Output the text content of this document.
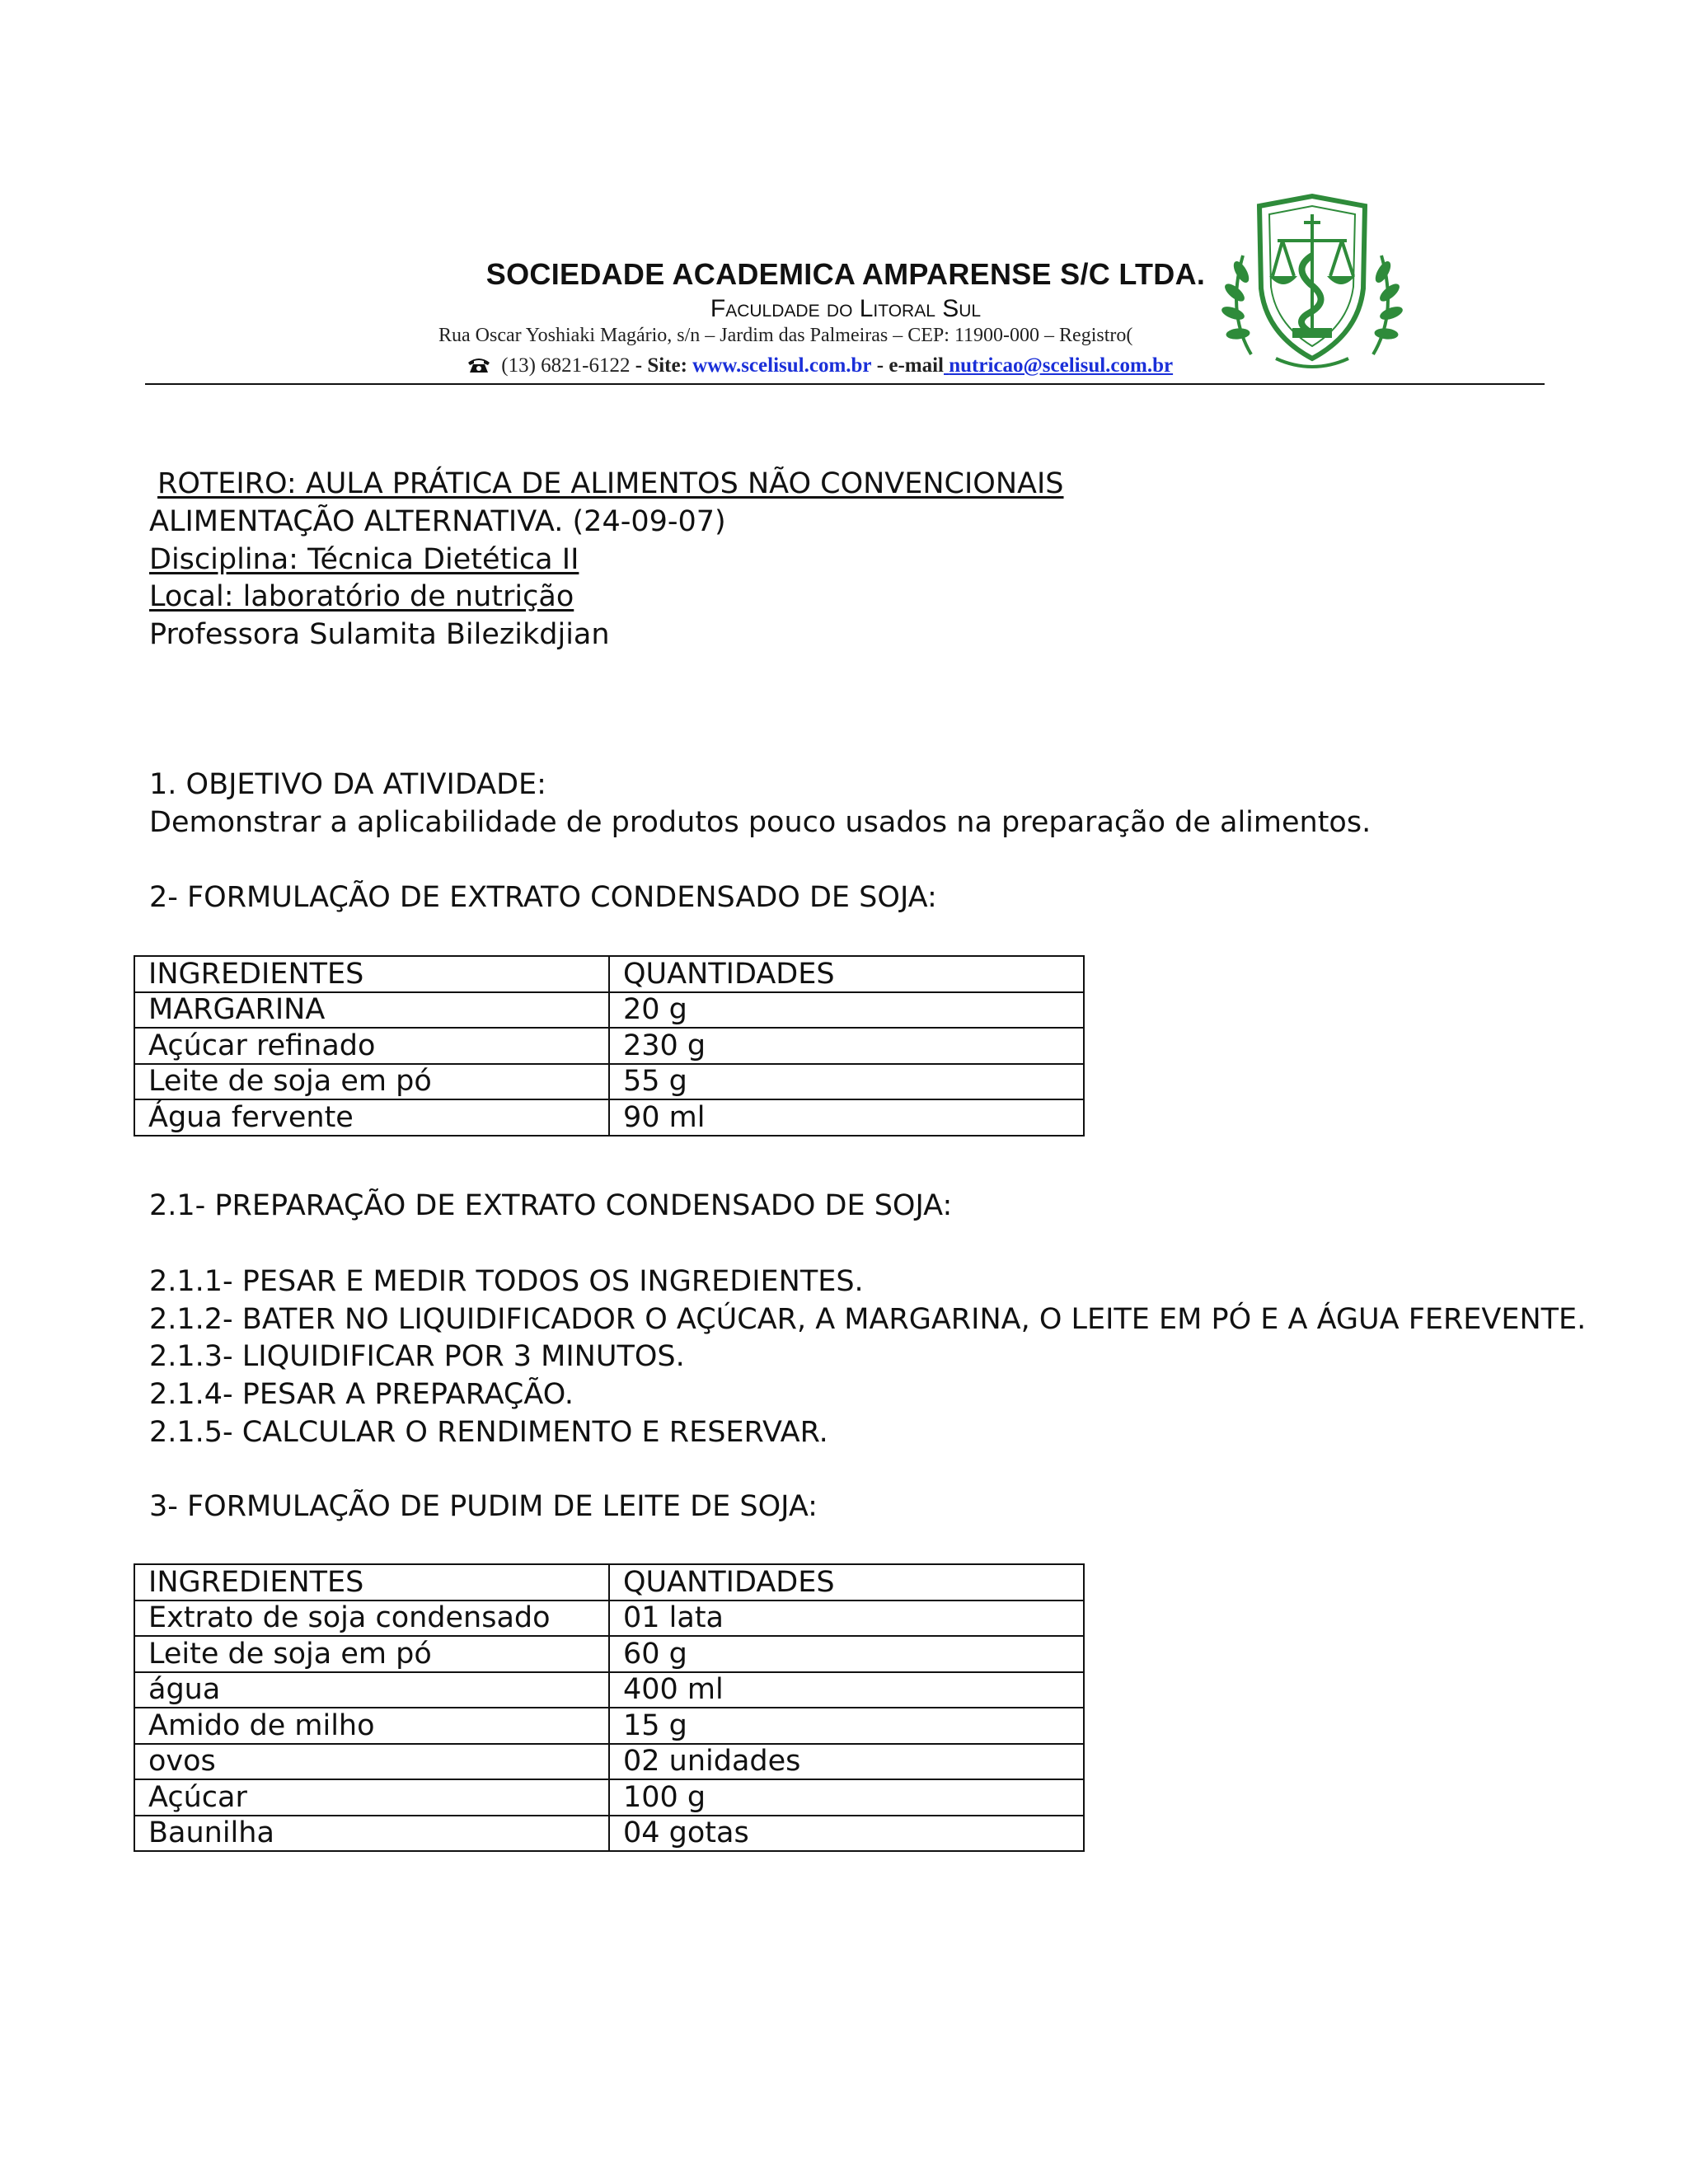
SOCIEDADE ACADEMICA AMPARENSE S/C LTDA.
Faculdade do Litoral Sul
Rua Oscar Yoshiaki Magário, s/n – Jardim das Palmeiras – CEP: 11900-000 – Registro(
(13) 6821-6122 - Site: www.scelisul.com.br - e-mail nutricao@scelisul.com.br
ROTEIRO: AULA PRÁTICA DE ALIMENTOS NÃO CONVENCIONAIS
ALIMENTAÇÃO ALTERNATIVA. (24-09-07)
Disciplina: Técnica Dietética II
Local: laboratório de nutrição
Professora Sulamita Bilezikdjian
1. OBJETIVO DA ATIVIDADE:
Demonstrar a aplicabilidade de produtos pouco usados na preparação de alimentos.
2- FORMULAÇÃO DE EXTRATO CONDENSADO DE SOJA:
INGREDIENTES	QUANTIDADES
MARGARINA	20 g
Açúcar refinado	230 g
Leite de soja em pó	55 g
Água fervente	90 ml
2.1- PREPARAÇÃO DE EXTRATO CONDENSADO DE SOJA:
2.1.1- PESAR E MEDIR TODOS OS INGREDIENTES.
2.1.2- BATER NO LIQUIDIFICADOR O AÇÚCAR, A MARGARINA, O LEITE EM PÓ E A ÁGUA FEREVENTE.
2.1.3- LIQUIDIFICAR POR 3 MINUTOS.
2.1.4- PESAR A PREPARAÇÃO.
2.1.5- CALCULAR O RENDIMENTO E RESERVAR.
3- FORMULAÇÃO DE PUDIM DE LEITE DE SOJA:
INGREDIENTES	QUANTIDADES
Extrato de soja condensado	01 lata
Leite de soja em pó	60 g
água	400 ml
Amido de milho	15 g
ovos	02 unidades
Açúcar	100 g
Baunilha	04 gotas
